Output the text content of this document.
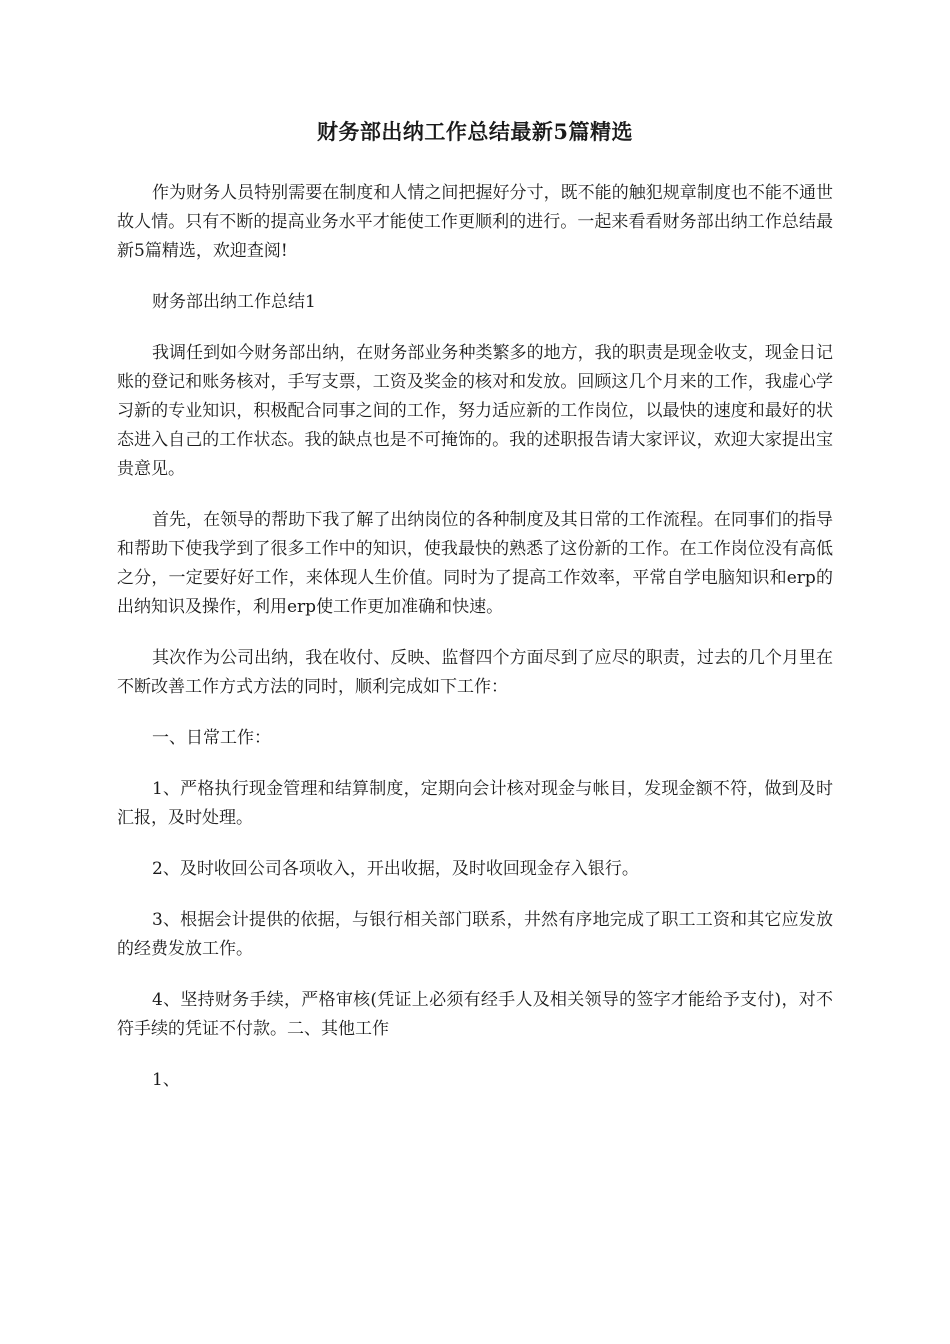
财务部出纳工作总结最新5篇精选

作为财务人员特别需要在制度和人情之间把握好分寸，既不能的触犯规章制度也不能不通世故人情。只有不断的提高业务水平才能使工作更顺利的进行。一起来看看财务部出纳工作总结最新5篇精选，欢迎查阅!

财务部出纳工作总结1

我调任到如今财务部出纳，在财务部业务种类繁多的地方，我的职责是现金收支，现金日记账的登记和账务核对，手写支票，工资及奖金的核对和发放。回顾这几个月来的工作，我虚心学习新的专业知识，积极配合同事之间的工作，努力适应新的工作岗位，以最快的速度和最好的状态进入自己的工作状态。我的缺点也是不可掩饰的。我的述职报告请大家评议，欢迎大家提出宝贵意见。

首先，在领导的帮助下我了解了出纳岗位的各种制度及其日常的工作流程。在同事们的指导和帮助下使我学到了很多工作中的知识，使我最快的熟悉了这份新的工作。在工作岗位没有高低之分，一定要好好工作，来体现人生价值。同时为了提高工作效率，平常自学电脑知识和erp的出纳知识及操作，利用erp使工作更加准确和快速。

其次作为公司出纳，我在收付、反映、监督四个方面尽到了应尽的职责，过去的几个月里在不断改善工作方式方法的同时，顺利完成如下工作：

一、日常工作：

1、严格执行现金管理和结算制度，定期向会计核对现金与帐目，发现金额不符，做到及时汇报，及时处理。

2、及时收回公司各项收入，开出收据，及时收回现金存入银行。

3、根据会计提供的依据，与银行相关部门联系，井然有序地完成了职工工资和其它应发放的经费发放工作。

4、坚持财务手续，严格审核(凭证上必须有经手人及相关领导的签字才能给予支付)，对不符手续的凭证不付款。二、其他工作

1、
